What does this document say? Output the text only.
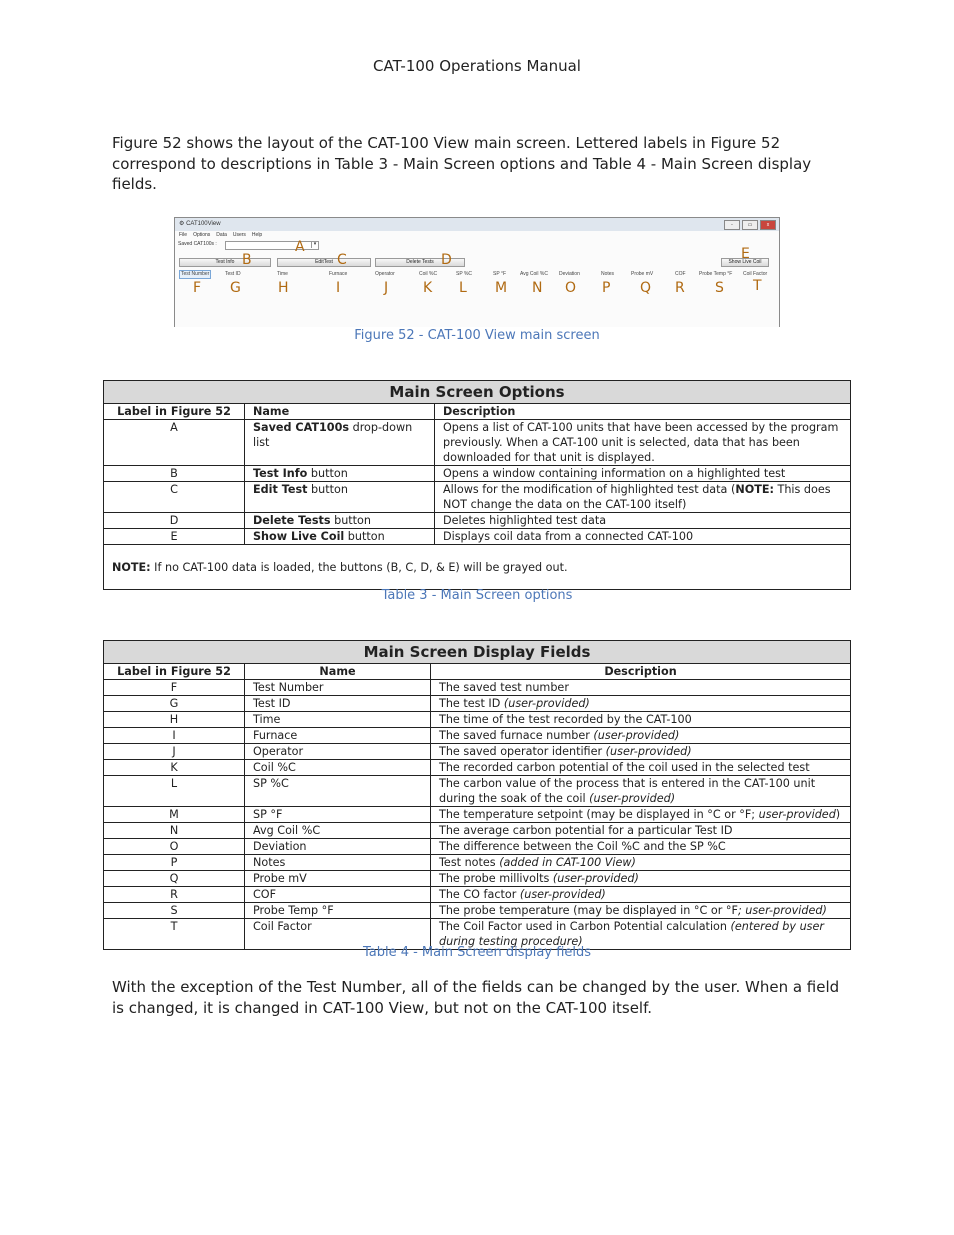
CAT-100 Operations Manual

Figure 52 shows the layout of the CAT-100 View main screen. Lettered labels in Figure 52 correspond to descriptions in Table 3 - Main Screen options and Table 4 - Main Screen display fields.

⚙ CAT100View	-	▭	x
File Options Data Users Help
Saved CAT100s :	▾
Test Info	EditTest	Delete Tests	Show Live Coil
Test Number	Test ID	Time	Furnace	Operator	Coil %C	SP %C	SP °F	Avg Coil %C Deviation	Notes	Probe mV	COF	Probe Temp °F Coil Factor
A
B	C	D	E
F G	H	I	J K L M N O P Q R S T
Figure 52 - CAT-100 View main screen
Main Screen Options		
Label in Figure 52	Name	Description
A	Saved CAT100s drop-down list	Opens a list of CAT-100 units that have been accessed by the program previously. When a CAT-100 unit is selected, data that has been downloaded for that unit is displayed.
B	Test Info button	Opens a window containing information on a highlighted test
C	Edit Test button	Allows for the modification of highlighted test data (NOTE: This does NOT change the data on the CAT-100 itself)
D	Delete Tests button	Deletes highlighted test data
E	Show Live Coil button	Displays coil data from a connected CAT-100
NOTE: If no CAT-100 data is loaded, the buttons (B, C, D, & E) will be grayed out.		
Table 3 - Main Screen options
Main Screen Display Fields		
Label in Figure 52	Name	Description
F	Test Number	The saved test number
G	Test ID	The test ID (user-provided)
H	Time	The time of the test recorded by the CAT-100
I	Furnace	The saved furnace number (user-provided)
J	Operator	The saved operator identifier (user-provided)
K	Coil %C	The recorded carbon potential of the coil used in the selected test
L	SP %C	The carbon value of the process that is entered in the CAT-100 unit during the soak of the coil (user-provided)
M	SP °F	The temperature setpoint (may be displayed in °C or °F; user-provided)
N	Avg Coil %C	The average carbon potential for a particular Test ID
O	Deviation	The difference between the Coil %C and the SP %C
P	Notes	Test notes (added in CAT-100 View)
Q	Probe mV	The probe millivolts (user-provided)
R	COF	The CO factor (user-provided)
S	Probe Temp °F	The probe temperature (may be displayed in °C or °F; user-provided)
T	Coil Factor	The Coil Factor used in Carbon Potential calculation (entered by user during testing procedure)
Table 4 - Main Screen display fields

With the exception of the Test Number, all of the fields can be changed by the user. When a field is changed, it is changed in CAT-100 View, but not on the CAT-100 itself.
